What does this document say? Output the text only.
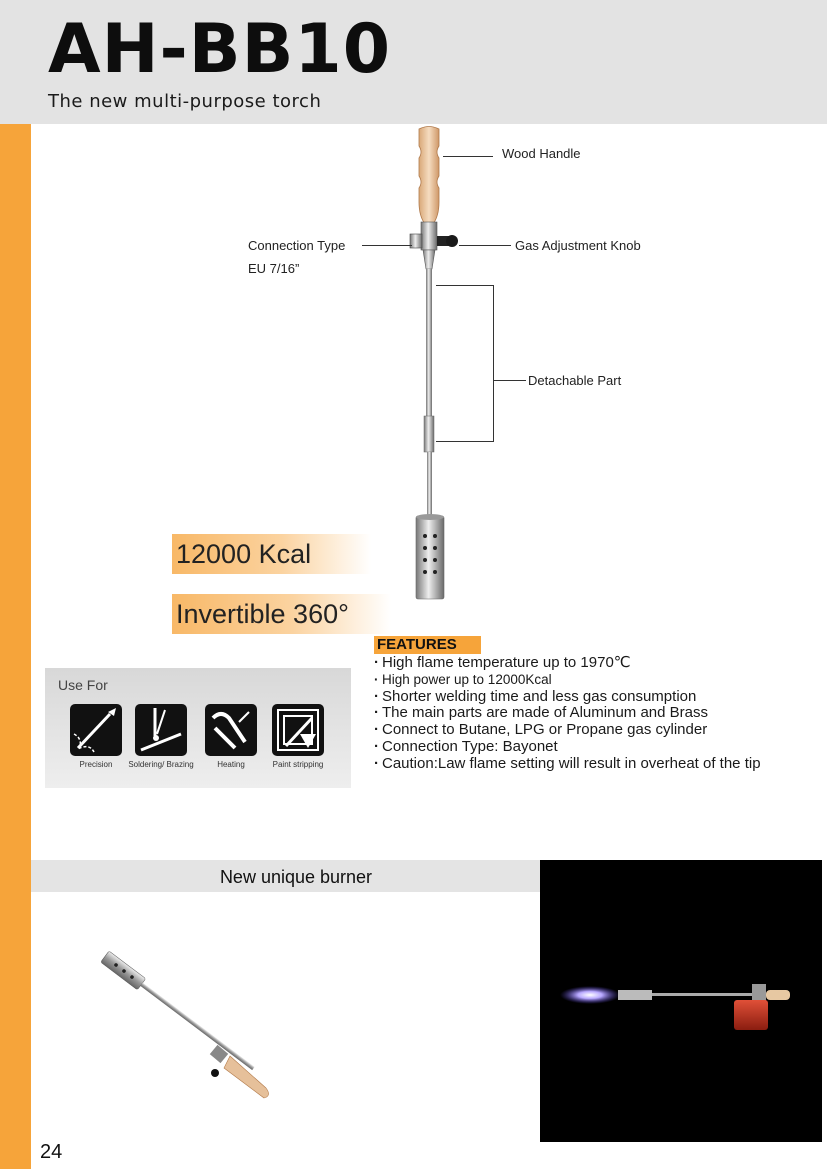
AH-BB10
The new multi-purpose torch
Wood Handle
Connection Type
EU 7/16”
Gas Adjustment Knob
Detachable Part
12000 Kcal
Invertible 360°
FEATURES
· High flame temperature up to 1970℃
· High power up to 12000Kcal
· Shorter welding time and less gas consumption
· The main parts are made of Aluminum and Brass
· Connect to Butane, LPG or Propane gas cylinder
· Connection Type: Bayonet
· Caution:Law flame setting will result in overheat of the tip
Use For
Precision	Soldering/ Brazing	Heating	Paint stripping
New unique burner
24
